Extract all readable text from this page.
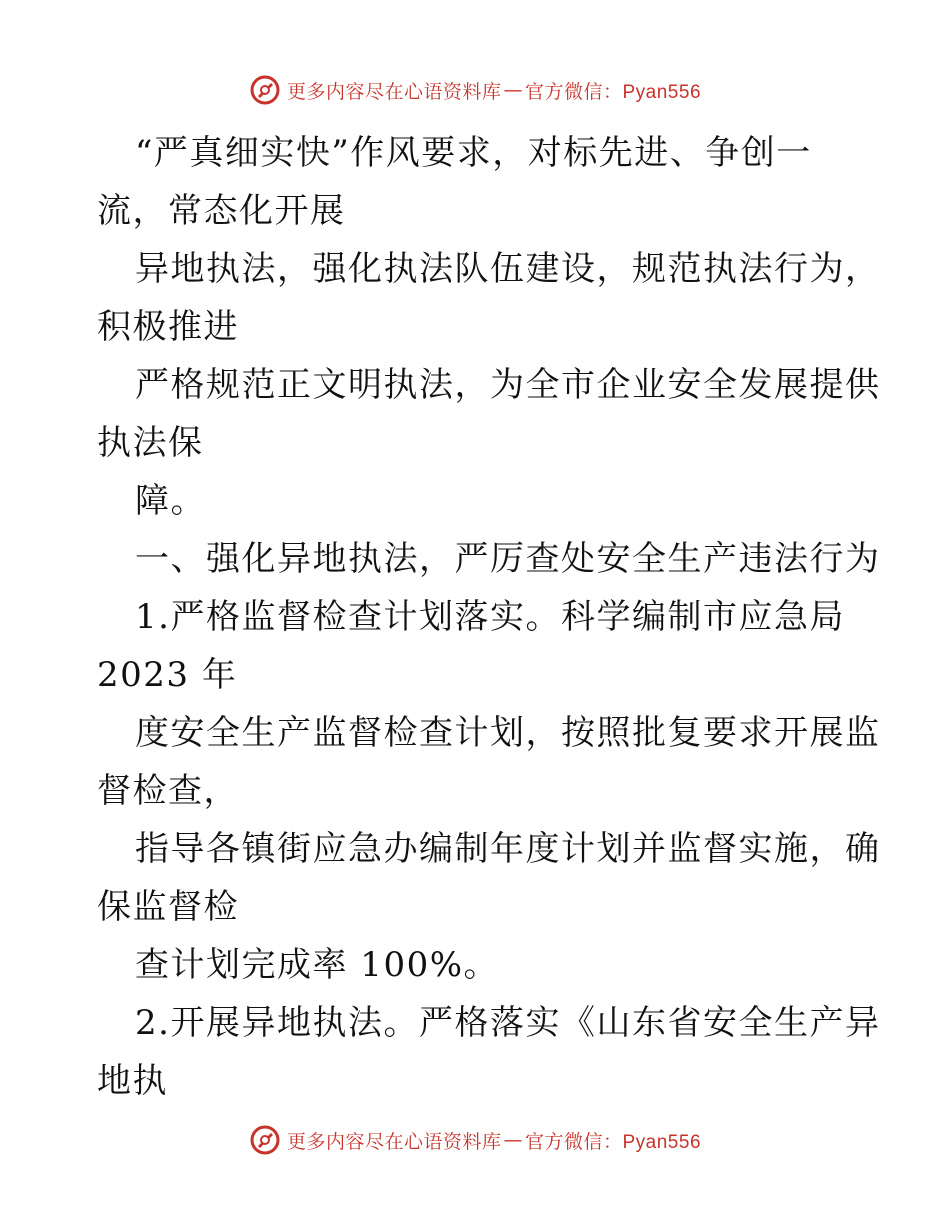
更多内容尽在心语资料库 — 官方微信：Pyan556
“严真细实快”作风要求，对标先进、争创一
流，常态化开展
异地执法，强化执法队伍建设，规范执法行为，
积极推进
严格规范正文明执法，为全市企业安全发展提供
执法保
障。
一、强化异地执法，严厉查处安全生产违法行为
1.严格监督检查计划落实。科学编制市应急局
2023 年
度安全生产监督检查计划，按照批复要求开展监
督检查，
指导各镇街应急办编制年度计划并监督实施，确
保监督检
查计划完成率 100%。
2.开展异地执法。严格落实《山东省安全生产异
地执
更多内容尽在心语资料库 — 官方微信：Pyan556
